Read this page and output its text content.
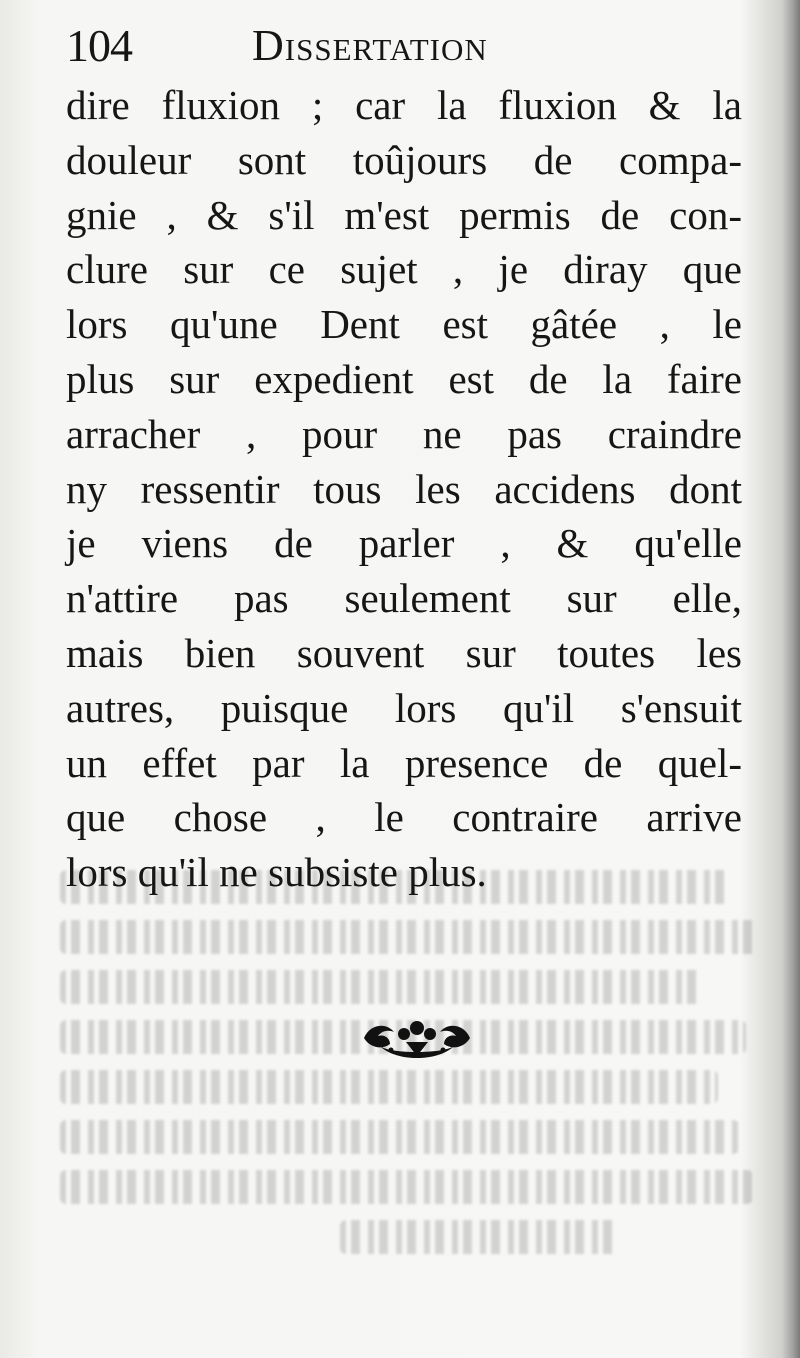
104	Dissertation
dire fluxion ; car la fluxion & la
douleur sont toûjours de compa-
gnie , & s'il m'est permis de con-
clure sur ce sujet , je diray que
lors qu'une Dent est gâtée , le
plus sur expedient est de la faire
arracher , pour ne pas craindre
ny ressentir tous les accidens dont
je viens de parler , & qu'elle
n'attire pas seulement sur elle,
mais bien souvent sur toutes les
autres, puisque lors qu'il s'ensuit
un effet par la presence de quel-
que chose , le contraire arrive
lors qu'il ne subsiste plus.
